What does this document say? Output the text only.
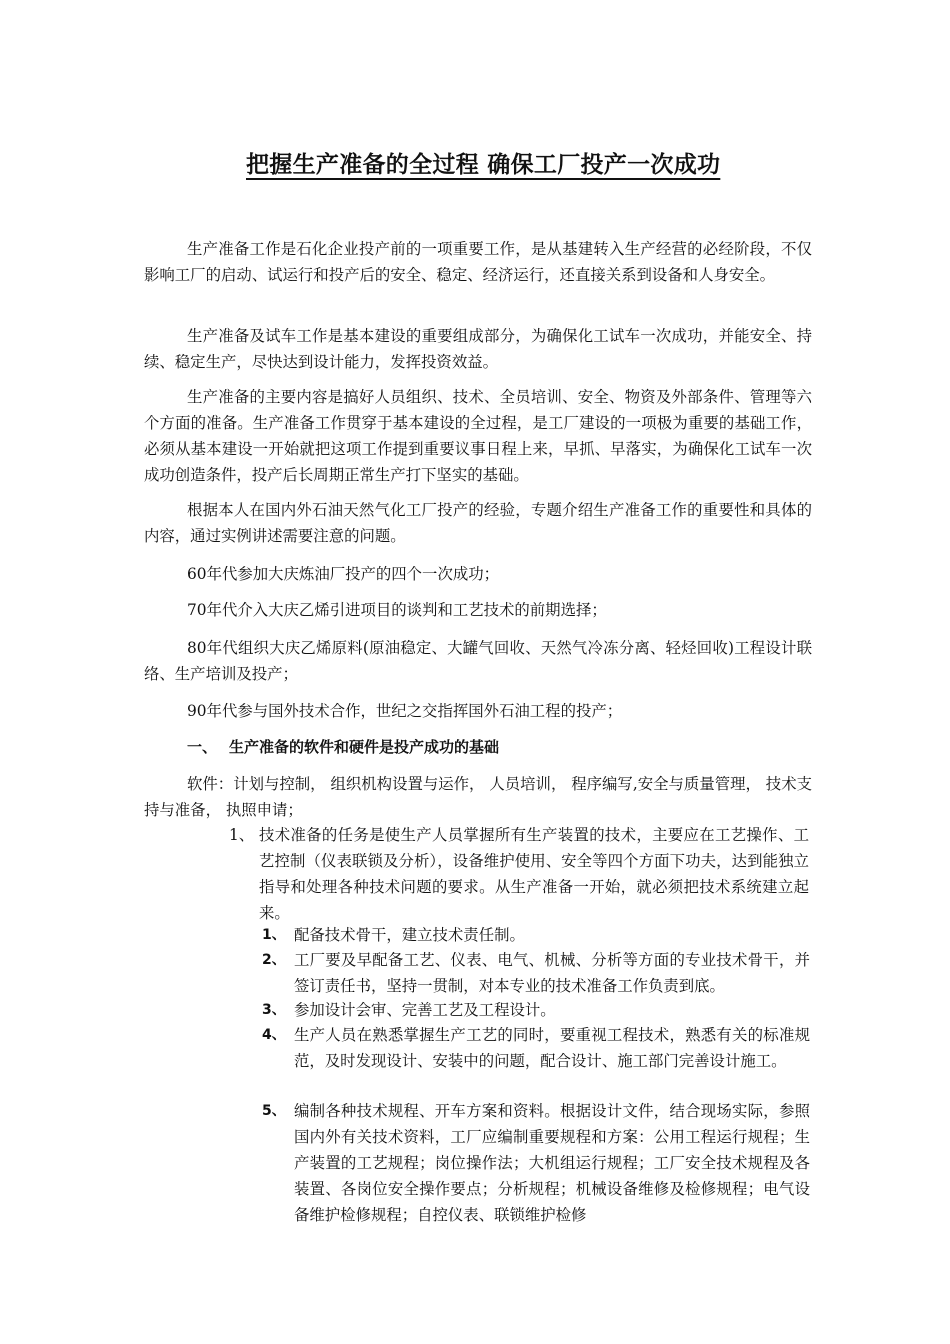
把握生产准备的全过程 确保工厂投产一次成功

生产准备工作是石化企业投产前的一项重要工作，是从基建转入生产经营的必经阶段，不仅影响工厂的启动、试运行和投产后的安全、稳定、经济运行，还直接关系到设备和人身安全。

生产准备及试车工作是基本建设的重要组成部分，为确保化工试车一次成功，并能安全、持续、稳定生产，尽快达到设计能力，发挥投资效益。

生产准备的主要内容是搞好人员组织、技术、全员培训、安全、物资及外部条件、管理等六个方面的准备。生产准备工作贯穿于基本建设的全过程，是工厂建设的一项极为重要的基础工作，必须从基本建设一开始就把这项工作提到重要议事日程上来，早抓、早落实，为确保化工试车一次成功创造条件，投产后长周期正常生产打下坚实的基础。

根据本人在国内外石油天然气化工厂投产的经验，专题介绍生产准备工作的重要性和具体的内容，通过实例讲述需要注意的问题。

60年代参加大庆炼油厂投产的四个一次成功；

70年代介入大庆乙烯引进项目的谈判和工艺技术的前期选择；

80年代组织大庆乙烯原料(原油稳定、大罐气回收、天然气冷冻分离、轻烃回收)工程设计联络、生产培训及投产；

90年代参与国外技术合作，世纪之交指挥国外石油工程的投产；

一、 生产准备的软件和硬件是投产成功的基础

软件：计划与控制， 组织机构设置与运作， 人员培训， 程序编写,安全与质量管理， 技术支持与准备， 执照申请；

1、 技术准备的任务是使生产人员掌握所有生产装置的技术，主要应在工艺操作、工艺控制（仪表联锁及分析），设备维护使用、安全等四个方面下功夫，达到能独立指导和处理各种技术问题的要求。从生产准备一开始，就必须把技术系统建立起来。
1、 配备技术骨干，建立技术责任制。
2、 工厂要及早配备工艺、仪表、电气、机械、分析等方面的专业技术骨干，并签订责任书，坚持一贯制，对本专业的技术准备工作负责到底。
3、 参加设计会审、完善工艺及工程设计。
4、 生产人员在熟悉掌握生产工艺的同时，要重视工程技术，熟悉有关的标准规范，及时发现设计、安装中的问题，配合设计、施工部门完善设计施工。
5、 编制各种技术规程、开车方案和资料。根据设计文件，结合现场实际，参照国内外有关技术资料，工厂应编制重要规程和方案：公用工程运行规程；生产装置的工艺规程；岗位操作法；大机组运行规程；工厂安全技术规程及各装置、各岗位安全操作要点；分析规程；机械设备维修及检修规程；电气设备维护检修规程；自控仪表、联锁维护检修
